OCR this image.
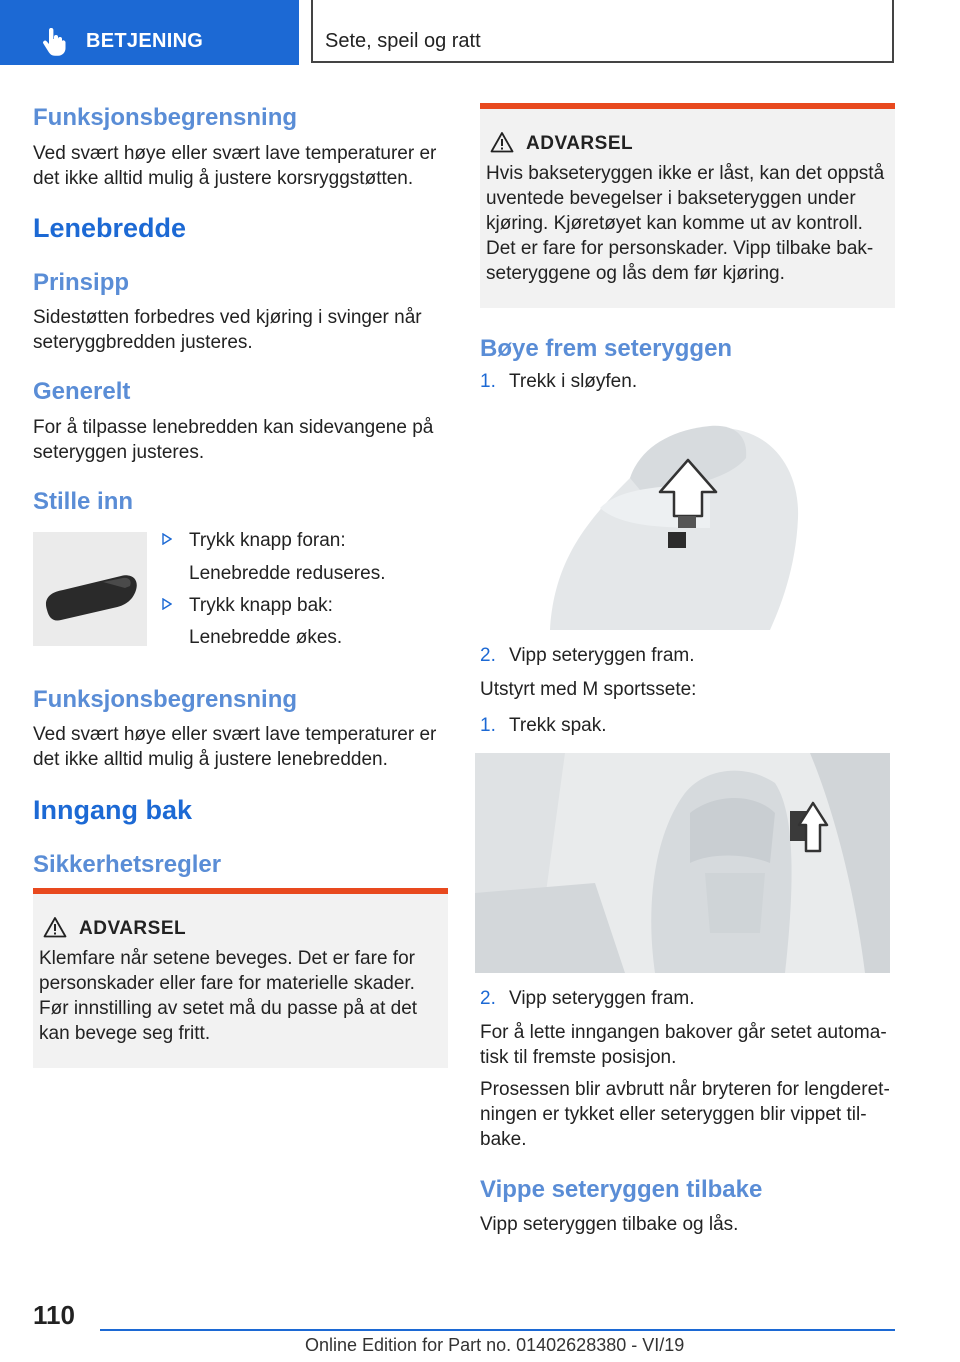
BETJENING	Sete, speil og ratt
Funksjonsbegrensning

Ved svært høye eller svært lave temperaturer er det ikke alltid mulig å justere korsryggstøtten.

Lenebredde
Prinsipp

Sidestøtten forbedres ved kjøring i svinger når seteryggbredden justeres.

Generelt

For å tilpasse lenebredden kan sidevangene på seteryggen justeres.

Stille inn
Trykk knapp foran:
Lenebredde reduseres.
Trykk knapp bak:
Lenebredde økes.
Funksjonsbegrensning

Ved svært høye eller svært lave temperaturer er det ikke alltid mulig å justere lenebredden.

Inngang bak
Sikkerhetsregler
ADVARSEL
Klemfare når setene beveges. Det er fare for personskader eller fare for materielle skader. Før innstilling av setet må du passe på at det kan bevege seg fritt.
ADVARSEL
Hvis bakseteryggen ikke er låst, kan det oppstå uventede bevegelser i bakseteryggen under kjøring. Kjøretøyet kan komme ut av kontroll. Det er fare for personskader. Vipp tilbake bakseteryggene og lås dem før kjøring.
Bøye frem seteryggen
1. Trekk i sløyfen.
2. Vipp seteryggen fram.

Utstyrt med M sportssete:

1. Trekk spak.
2. Vipp seteryggen fram.

For å lette inngangen bakover går setet automatisk til fremste posisjon.

Prosessen blir avbrutt når bryteren for lengderetningen er tykket eller seteryggen blir vippet tilbake.

Vippe seteryggen tilbake

Vipp seteryggen tilbake og lås.

110
Online Edition for Part no. 01402628380 - VI/19
